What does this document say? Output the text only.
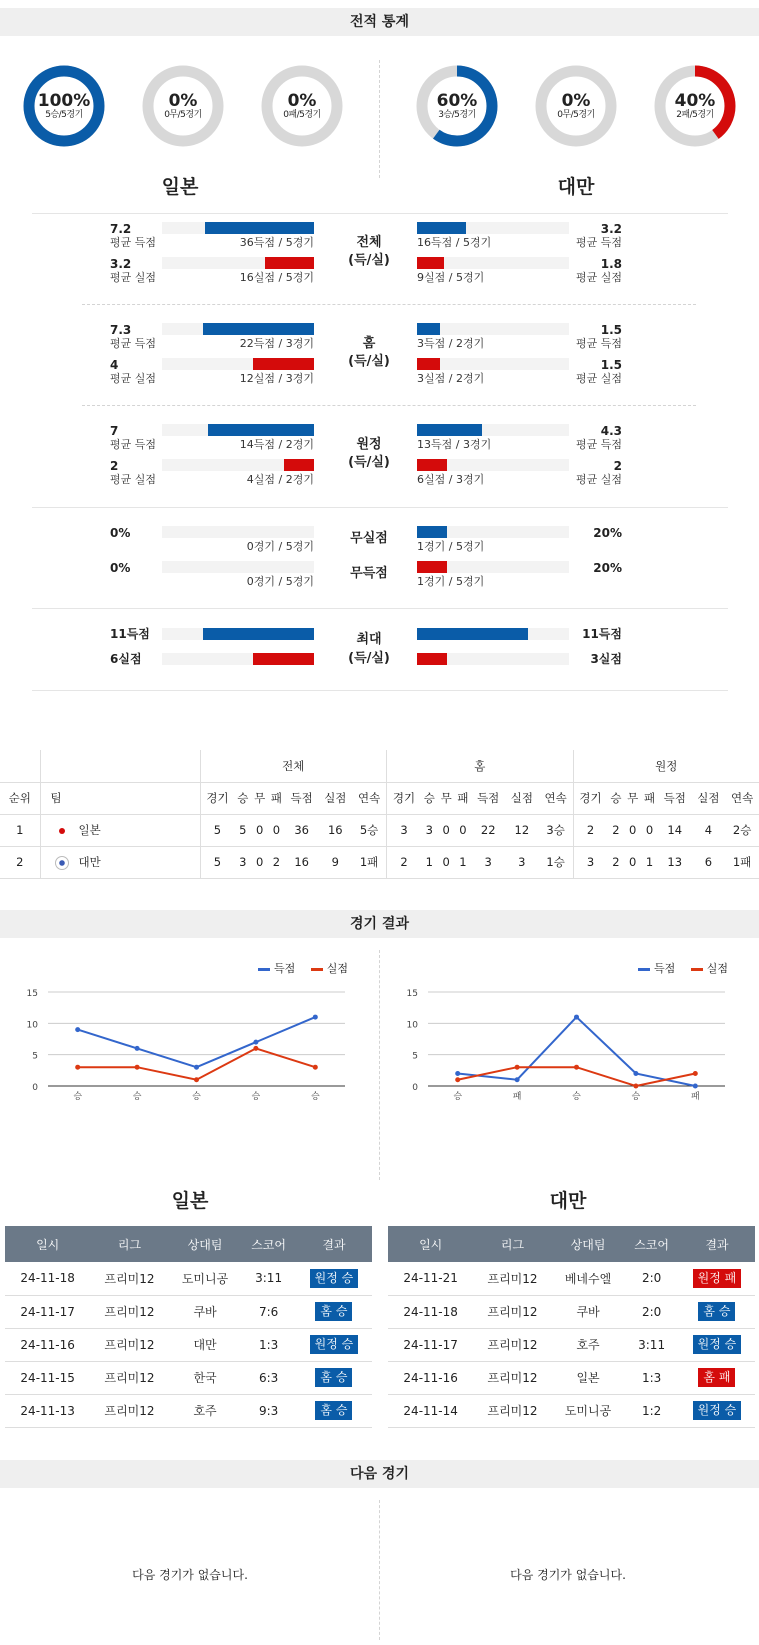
전적 통계
100%
5승/5경기
0%
0무/5경기
0%
0패/5경기
60%
3승/5경기
0%
0무/5경기
40%
2패/5경기
일본	대만
7.2
평균 득점	36득점 / 5경기
3.2
평균 실점	16실점 / 5경기
전체
(득/실)
3.2
평균 득점
16득점 / 5경기
1.8
평균 실점
9실점 / 5경기
7.3
평균 득점	22득점 / 3경기
4
평균 실점	12실점 / 3경기
홈
(득/실)
1.5
평균 득점
3득점 / 2경기
1.5
평균 실점
3실점 / 2경기
7
평균 득점	14득점 / 2경기
2
평균 실점	4실점 / 2경기
원정
(득/실)
4.3
평균 득점
13득점 / 3경기
2
평균 실점
6실점 / 3경기
0%
0경기 / 5경기
0%
0경기 / 5경기
무실점
무득점
20%
1경기 / 5경기
20%
1경기 / 5경기
11득점
6실점
최대
(득/실)
11득점
3실점
		전체							홈							원정						
순위	팀	경기	승	무	패	득점	실점	연속	경기	승	무	패	득점	실점	연속	경기	승	무	패	득점	실점	연속
1	일본	5	5	0	0	36	16	5승	3	3	0	0	22	12	3승	2	2	0	0	14	4	2승
2	대만	5	3	0	2	16	9	1패	2	1	0	1	3	3	1승	3	2	0	1	13	6	1패
경기 결과
득점	실점	득점	실점
15
10
5
0
승	승	승	승	승
15
10
5
0
승	패	승	승	패
일본	대만
일시	리그	상대팀	스코어	결과
24-11-18	프리미12	도미니공	3:11	원정 승
24-11-17	프리미12	쿠바	7:6	홈 승
24-11-16	프리미12	대만	1:3	원정 승
24-11-15	프리미12	한국	6:3	홈 승
24-11-13	프리미12	호주	9:3	홈 승
일시	리그	상대팀	스코어	결과
24-11-21	프리미12	베네수엘	2:0	원정 패
24-11-18	프리미12	쿠바	2:0	홈 승
24-11-17	프리미12	호주	3:11	원정 승
24-11-16	프리미12	일본	1:3	홈 패
24-11-14	프리미12	도미니공	1:2	원정 승
다음 경기
다음 경기가 없습니다.	다음 경기가 없습니다.
